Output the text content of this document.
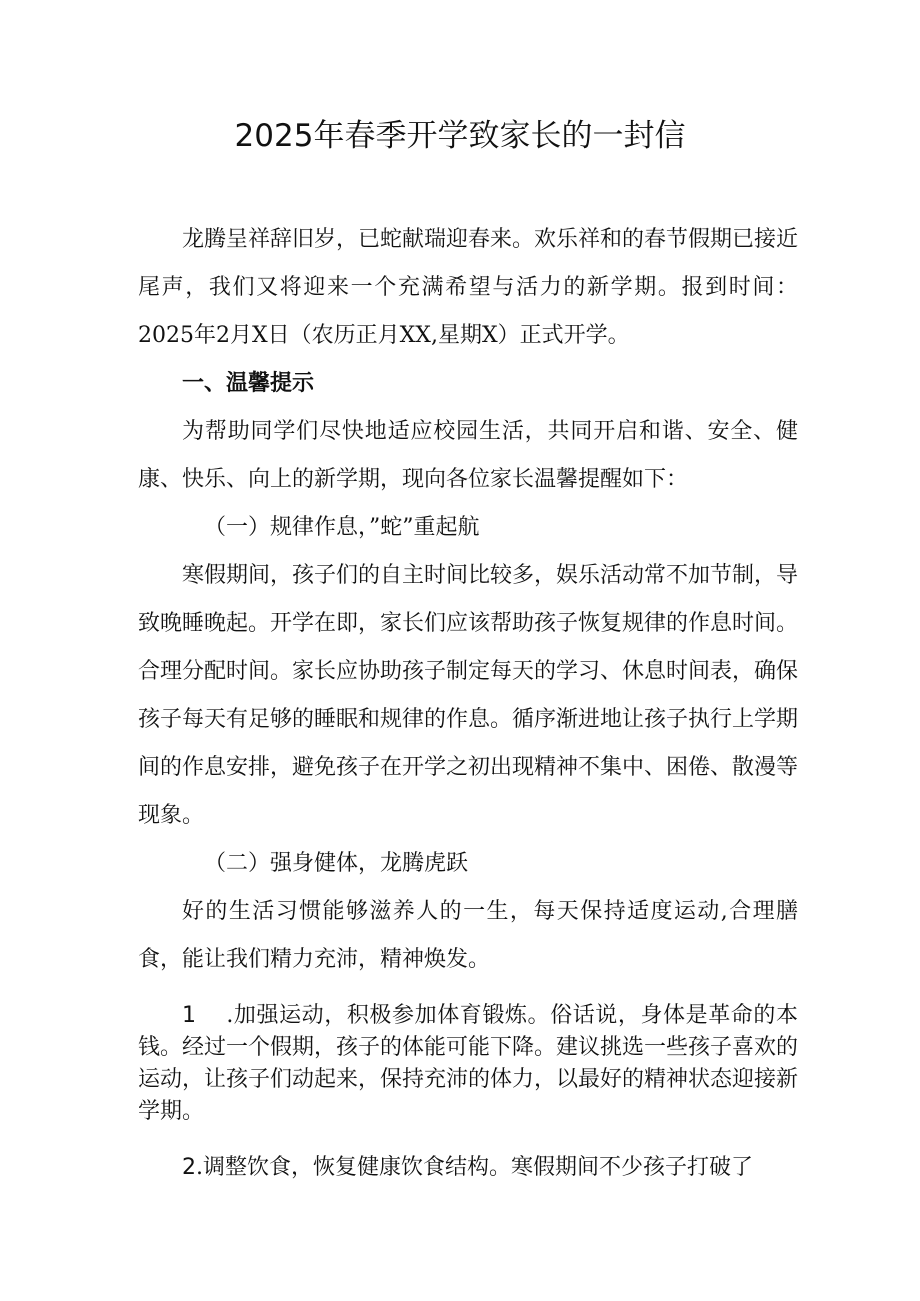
2025年春季开学致家长的一封信

龙腾呈祥辞旧岁，已蛇献瑞迎春来。欢乐祥和的春节假期已接近尾声，我们又将迎来一个充满希望与活力的新学期。报到时间：2025年2月X日（农历正月XX,星期X）正式开学。

一、温馨提示

为帮助同学们尽快地适应校园生活，共同开启和谐、安全、健康、快乐、向上的新学期，现向各位家长温馨提醒如下：

（一）规律作息，”蛇”重起航

寒假期间，孩子们的自主时间比较多，娱乐活动常不加节制，导致晚睡晚起。开学在即，家长们应该帮助孩子恢复规律的作息时间。合理分配时间。家长应协助孩子制定每天的学习、休息时间表，确保孩子每天有足够的睡眠和规律的作息。循序渐进地让孩子执行上学期间的作息安排，避免孩子在开学之初出现精神不集中、困倦、散漫等现象。

（二）强身健体，龙腾虎跃

好的生活习惯能够滋养人的一生，每天保持适度运动,合理膳食，能让我们精力充沛，精神焕发。

1    .加强运动，积极参加体育锻炼。俗话说，身体是革命的本钱。经过一个假期，孩子的体能可能下降。建议挑选一些孩子喜欢的运动，让孩子们动起来，保持充沛的体力，以最好的精神状态迎接新学期。

2.调整饮食，恢复健康饮食结构。寒假期间不少孩子打破了
